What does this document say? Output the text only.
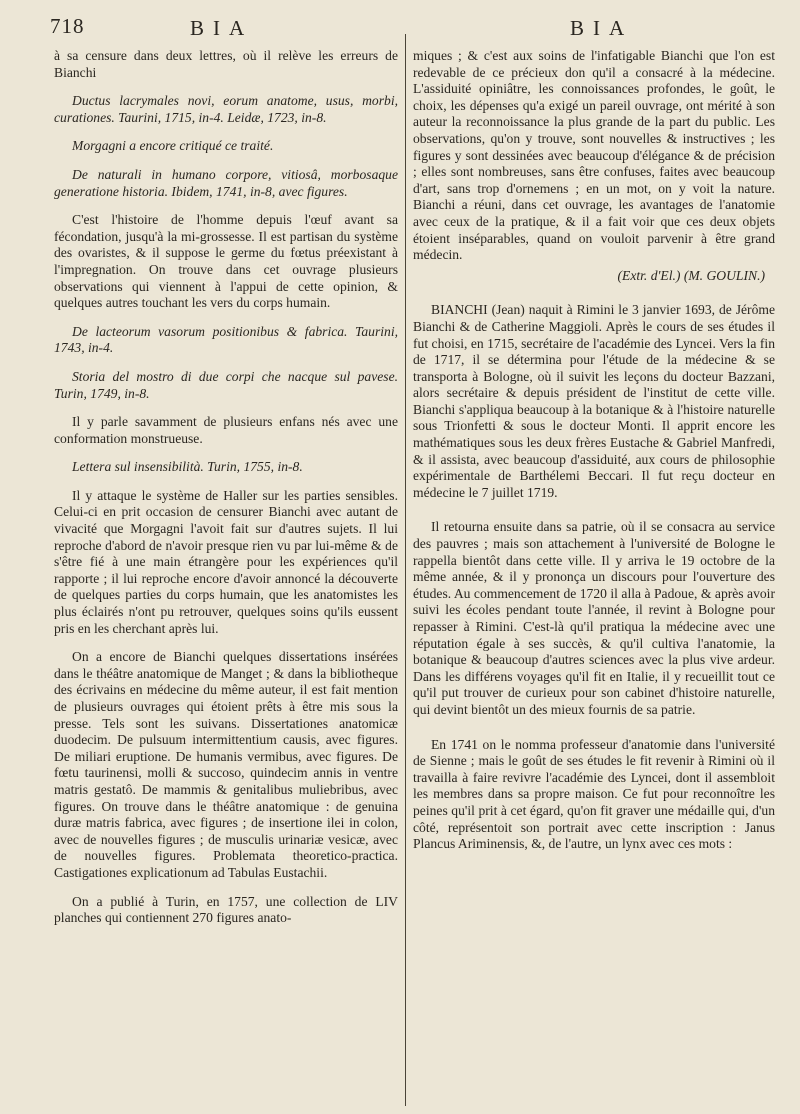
718	BIA	BIA

à sa censure dans deux lettres, où il relève les erreurs de Bianchi

Ductus lacrymales novi, eorum anatome, usus, morbi, curationes. Taurini, 1715, in-4. Leidæ, 1723, in-8.

Morgagni a encore critiqué ce traité.

De naturali in humano corpore, vitiosâ, morbosaque generatione historia. Ibidem, 1741, in-8, avec figures.

C'est l'histoire de l'homme depuis l'œuf avant sa fécondation, jusqu'à la mi-grossesse. Il est partisan du système des ovaristes, & il suppose le germe du fœtus préexistant à l'impregnation. On trouve dans cet ouvrage plusieurs observations qui viennent à l'appui de cette opinion, & quelques autres touchant les vers du corps humain.

De lacteorum vasorum positionibus & fabrica. Taurini, 1743, in-4.

Storia del mostro di due corpi che nacque sul pavese. Turin, 1749, in-8.

Il y parle savamment de plusieurs enfans nés avec une conformation monstrueuse.

Lettera sul insensibilità. Turin, 1755, in-8.

Il y attaque le système de Haller sur les parties sensibles. Celui-ci en prit occasion de censurer Bianchi avec autant de vivacité que Morgagni l'avoit fait sur d'autres sujets. Il lui reproche d'abord de n'avoir presque rien vu par lui-même & de s'être fié à une main étrangère pour les expériences qu'il rapporte ; il lui reproche encore d'avoir annoncé la découverte de quelques parties du corps humain, que les anatomistes les plus éclairés n'ont pu retrouver, quelques soins qu'ils eussent pris en les cherchant après lui.

On a encore de Bianchi quelques dissertations insérées dans le théâtre anatomique de Manget ; & dans la bibliotheque des écrivains en médecine du même auteur, il est fait mention de plusieurs ouvrages qui étoient prêts à être mis sous la presse. Tels sont les suivans. Dissertationes anatomicæ duodecim. De pulsuum intermittentium causis, avec figures. De miliari eruptione. De humanis vermibus, avec figures. De fœtu taurinensi, molli & succoso, quindecim annis in ventre matris gestatô. De mammis & genitalibus muliebribus, avec figures. On trouve dans le théâtre anatomique : de genuina duræ matris fabrica, avec figures ; de insertione ilei in colon, avec de nouvelles figures ; de musculis urinariæ vesicæ, avec de nouvelles figures. Problemata theoretico-practica. Castigationes explicationum ad Tabulas Eustachii.

On a publié à Turin, en 1757, une collection de LIV planches qui contiennent 270 figures anato-

miques ; & c'est aux soins de l'infatigable Bianchi que l'on est redevable de ce précieux don qu'il a consacré à la médecine. L'assiduité opiniâtre, les connoissances profondes, le goût, le choix, les dépenses qu'a exigé un pareil ouvrage, ont mérité à son auteur la reconnoissance la plus grande de la part du public. Les observations, qu'on y trouve, sont nouvelles & instructives ; les figures y sont dessinées avec beaucoup d'élégance & de précision ; elles sont nombreuses, sans être confuses, faites avec beaucoup d'art, sans trop d'ornemens ; en un mot, on y voit la nature. Bianchi a réuni, dans cet ouvrage, les avantages de l'anatomie avec ceux de la pratique, & il a fait voir que ces deux objets étoient inséparables, quand on vouloit parvenir à être grand médecin.

(Extr. d'El.) (M. GOULIN.)

BIANCHI (Jean) naquit à Rimini le 3 janvier 1693, de Jérôme Bianchi & de Catherine Maggioli. Après le cours de ses études il fut choisi, en 1715, secrétaire de l'académie des Lyncei. Vers la fin de 1717, il se détermina pour l'étude de la médecine & se transporta à Bologne, où il suivit les leçons du docteur Bazzani, alors secrétaire & depuis président de l'institut de cette ville. Bianchi s'appliqua beaucoup à la botanique & à l'histoire naturelle sous Trionfetti & sous le docteur Monti. Il apprit encore les mathématiques sous les deux frères Eustache & Gabriel Manfredi, & il assista, avec beaucoup d'assiduité, aux cours de philosophie expérimentale de Barthélemi Beccari. Il fut reçu docteur en médecine le 7 juillet 1719.

Il retourna ensuite dans sa patrie, où il se consacra au service des pauvres ; mais son attachement à l'université de Bologne le rappella bientôt dans cette ville. Il y arriva le 19 octobre de la même année, & il y prononça un discours pour l'ouverture des études. Au commencement de 1720 il alla à Padoue, & après avoir suivi les écoles pendant toute l'année, il revint à Bologne pour repasser à Rimini. C'est-là qu'il pratiqua la médecine avec une réputation égale à ses succès, & qu'il cultiva l'anatomie, la botanique & beaucoup d'autres sciences avec la plus vive ardeur. Dans les différens voyages qu'il fit en Italie, il y recueillit tout ce qu'il put trouver de curieux pour son cabinet d'histoire naturelle, qui devint bientôt un des mieux fournis de sa patrie.

En 1741 on le nomma professeur d'anatomie dans l'université de Sienne ; mais le goût de ses études le fit revenir à Rimini où il travailla à faire revivre l'académie des Lyncei, dont il assembloit les membres dans sa propre maison. Ce fut pour reconnoître les peines qu'il prit à cet égard, qu'on fit graver une médaille qui, d'un côté, représentoit son portrait avec cette inscription : Janus Plancus Ariminensis, &, de l'autre, un lynx avec ces mots :
